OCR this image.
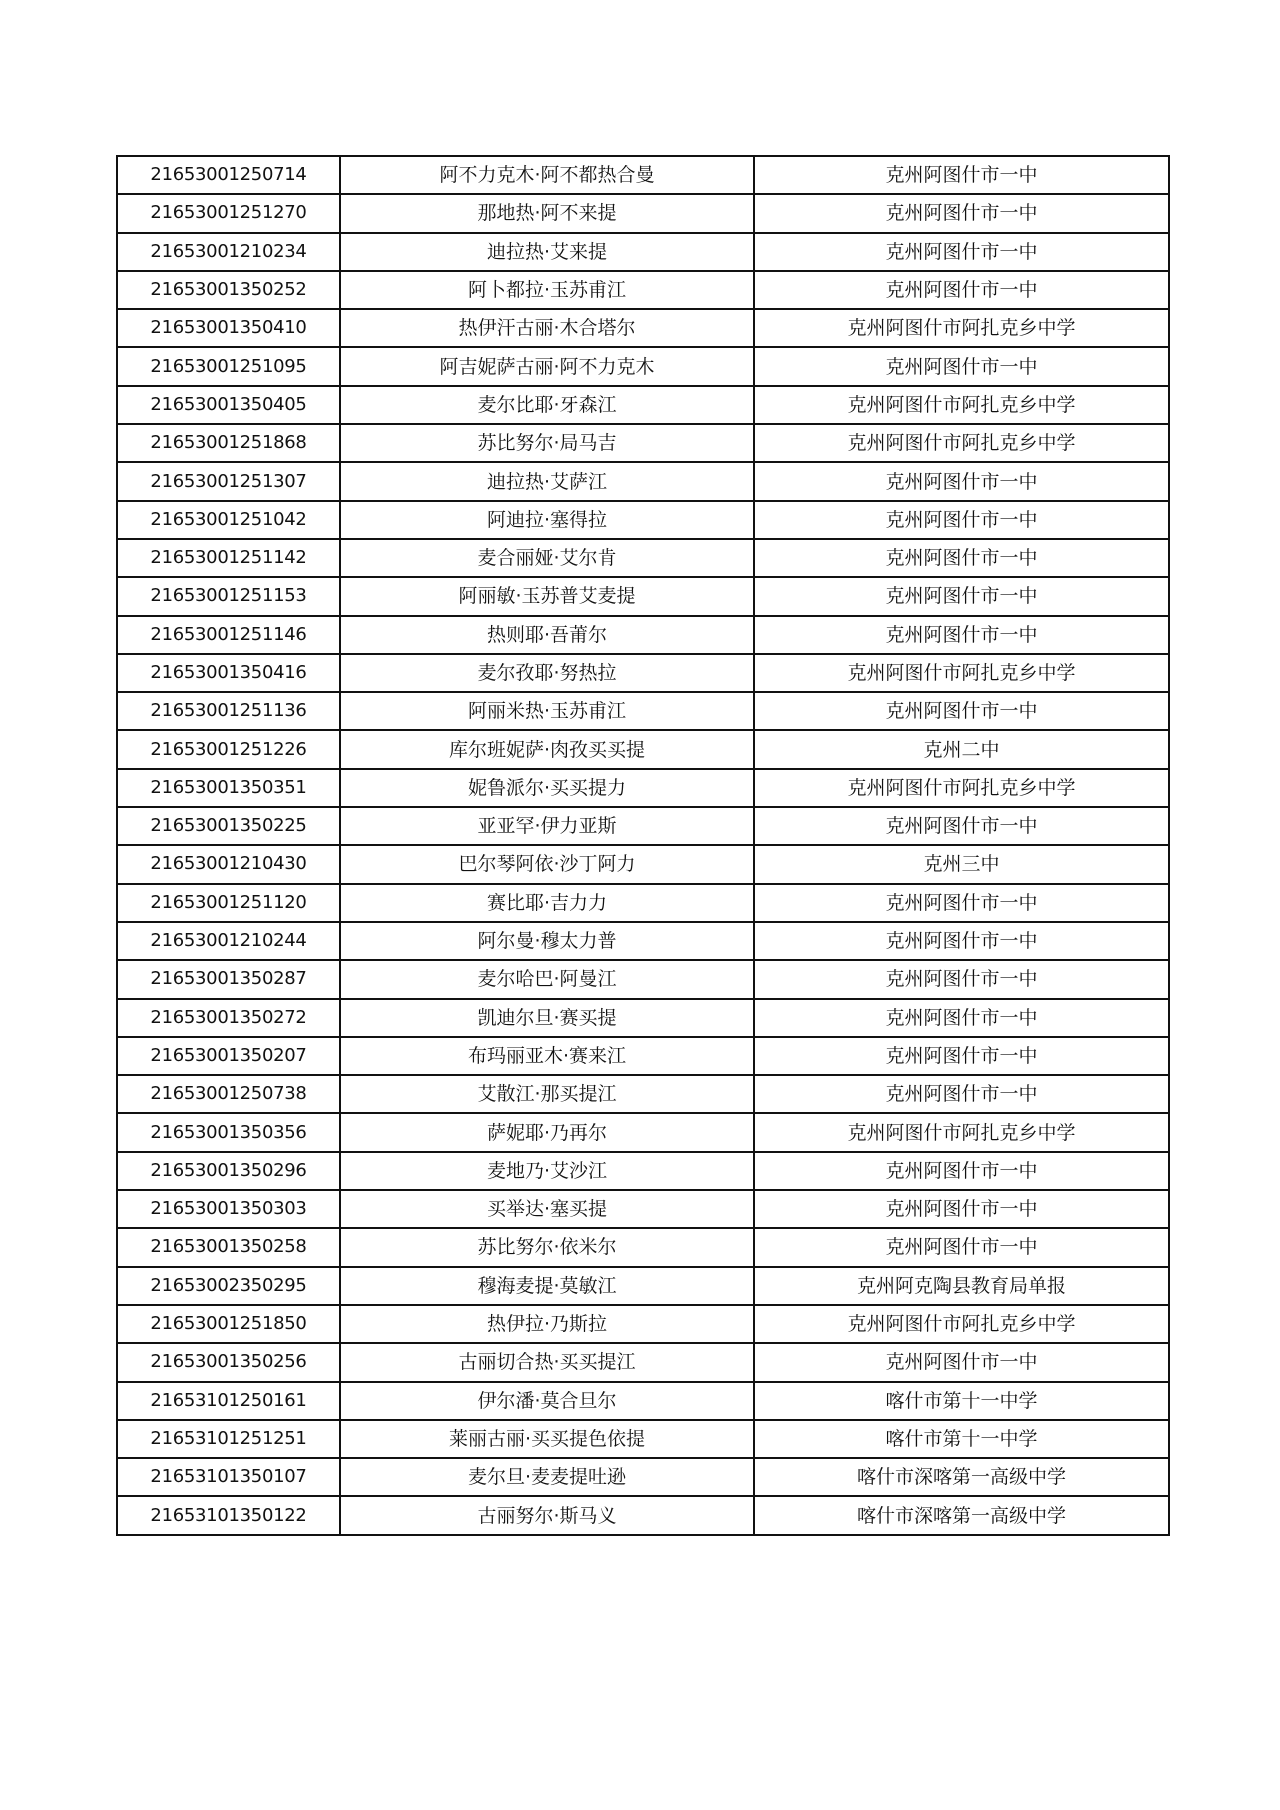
21653001250714	阿不力克木·阿不都热合曼	克州阿图什市一中
21653001251270	那地热·阿不来提	克州阿图什市一中
21653001210234	迪拉热·艾来提	克州阿图什市一中
21653001350252	阿卜都拉·玉苏甫江	克州阿图什市一中
21653001350410	热伊汗古丽·木合塔尔	克州阿图什市阿扎克乡中学
21653001251095	阿吉妮萨古丽·阿不力克木	克州阿图什市一中
21653001350405	麦尔比耶·牙森江	克州阿图什市阿扎克乡中学
21653001251868	苏比努尔·局马吉	克州阿图什市阿扎克乡中学
21653001251307	迪拉热·艾萨江	克州阿图什市一中
21653001251042	阿迪拉·塞得拉	克州阿图什市一中
21653001251142	麦合丽娅·艾尔肯	克州阿图什市一中
21653001251153	阿丽敏·玉苏普艾麦提	克州阿图什市一中
21653001251146	热则耶·吾莆尔	克州阿图什市一中
21653001350416	麦尔孜耶·努热拉	克州阿图什市阿扎克乡中学
21653001251136	阿丽米热·玉苏甫江	克州阿图什市一中
21653001251226	库尔班妮萨·肉孜买买提	克州二中
21653001350351	妮鲁派尔·买买提力	克州阿图什市阿扎克乡中学
21653001350225	亚亚罕·伊力亚斯	克州阿图什市一中
21653001210430	巴尔琴阿依·沙丁阿力	克州三中
21653001251120	赛比耶·吉力力	克州阿图什市一中
21653001210244	阿尔曼·穆太力普	克州阿图什市一中
21653001350287	麦尔哈巴·阿曼江	克州阿图什市一中
21653001350272	凯迪尔旦·赛买提	克州阿图什市一中
21653001350207	布玛丽亚木·赛来江	克州阿图什市一中
21653001250738	艾散江·那买提江	克州阿图什市一中
21653001350356	萨妮耶·乃再尔	克州阿图什市阿扎克乡中学
21653001350296	麦地乃·艾沙江	克州阿图什市一中
21653001350303	买举达·塞买提	克州阿图什市一中
21653001350258	苏比努尔·依米尔	克州阿图什市一中
21653002350295	穆海麦提·莫敏江	克州阿克陶县教育局单报
21653001251850	热伊拉·乃斯拉	克州阿图什市阿扎克乡中学
21653001350256	古丽切合热·买买提江	克州阿图什市一中
21653101250161	伊尔潘·莫合旦尔	喀什市第十一中学
21653101251251	莱丽古丽·买买提色依提	喀什市第十一中学
21653101350107	麦尔旦·麦麦提吐逊	喀什市深喀第一高级中学
21653101350122	古丽努尔·斯马义	喀什市深喀第一高级中学
